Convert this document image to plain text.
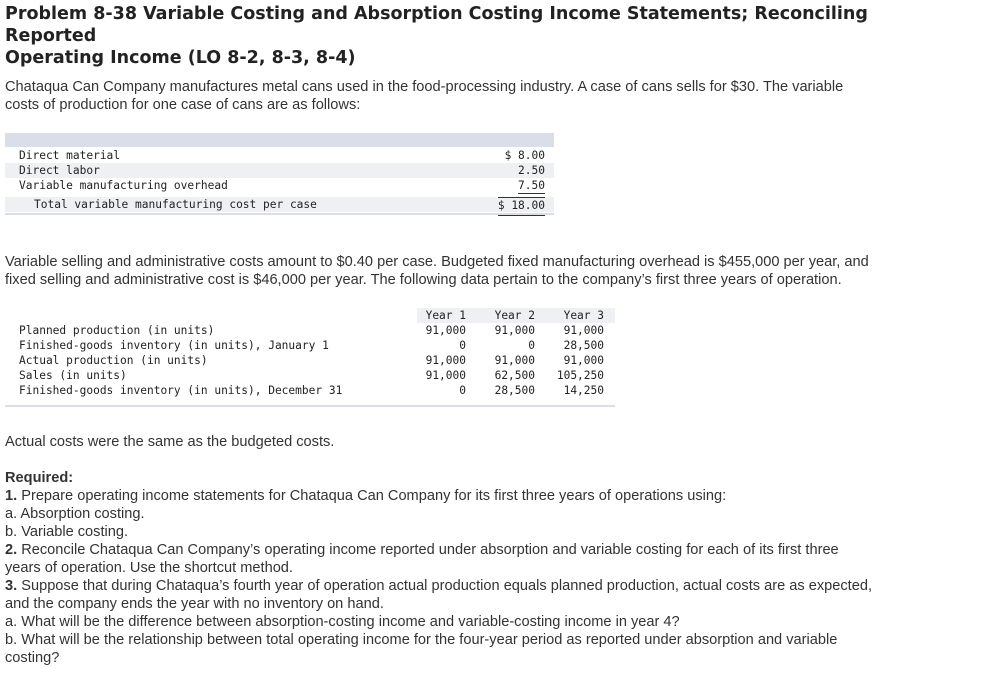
Problem 8-38 Variable Costing and Absorption Costing Income Statements; Reconciling Reported
Operating Income (LO 8-2, 8-3, 8-4)
Chataqua Can Company manufactures metal cans used in the food-processing industry. A case of cans sells for $30. The variable
costs of production for one case of cans are as follows:
Direct material	$ 8.00
Direct labor	2.50
Variable manufacturing overhead	7.50
Total variable manufacturing cost per case	$ 18.00
Variable selling and administrative costs amount to $0.40 per case. Budgeted fixed manufacturing overhead is $455,000 per year, and
fixed selling and administrative cost is $46,000 per year. The following data pertain to the company’s first three years of operation.
Year 1	Year 2	Year 3
Planned production (in units)	91,000	91,000	91,000
Finished-goods inventory (in units), January 1	0	0	28,500
Actual production (in units)	91,000	91,000	91,000
Sales (in units)	91,000	62,500	105,250
Finished-goods inventory (in units), December 31	0	28,500	14,250
Actual costs were the same as the budgeted costs.
Required:
1. Prepare operating income statements for Chataqua Can Company for its first three years of operations using:
a. Absorption costing.
b. Variable costing.
2. Reconcile Chataqua Can Company’s operating income reported under absorption and variable costing for each of its first three
years of operation. Use the shortcut method.
3. Suppose that during Chataqua’s fourth year of operation actual production equals planned production, actual costs are as expected,
and the company ends the year with no inventory on hand.
a. What will be the difference between absorption-costing income and variable-costing income in year 4?
b. What will be the relationship between total operating income for the four-year period as reported under absorption and variable
costing?
